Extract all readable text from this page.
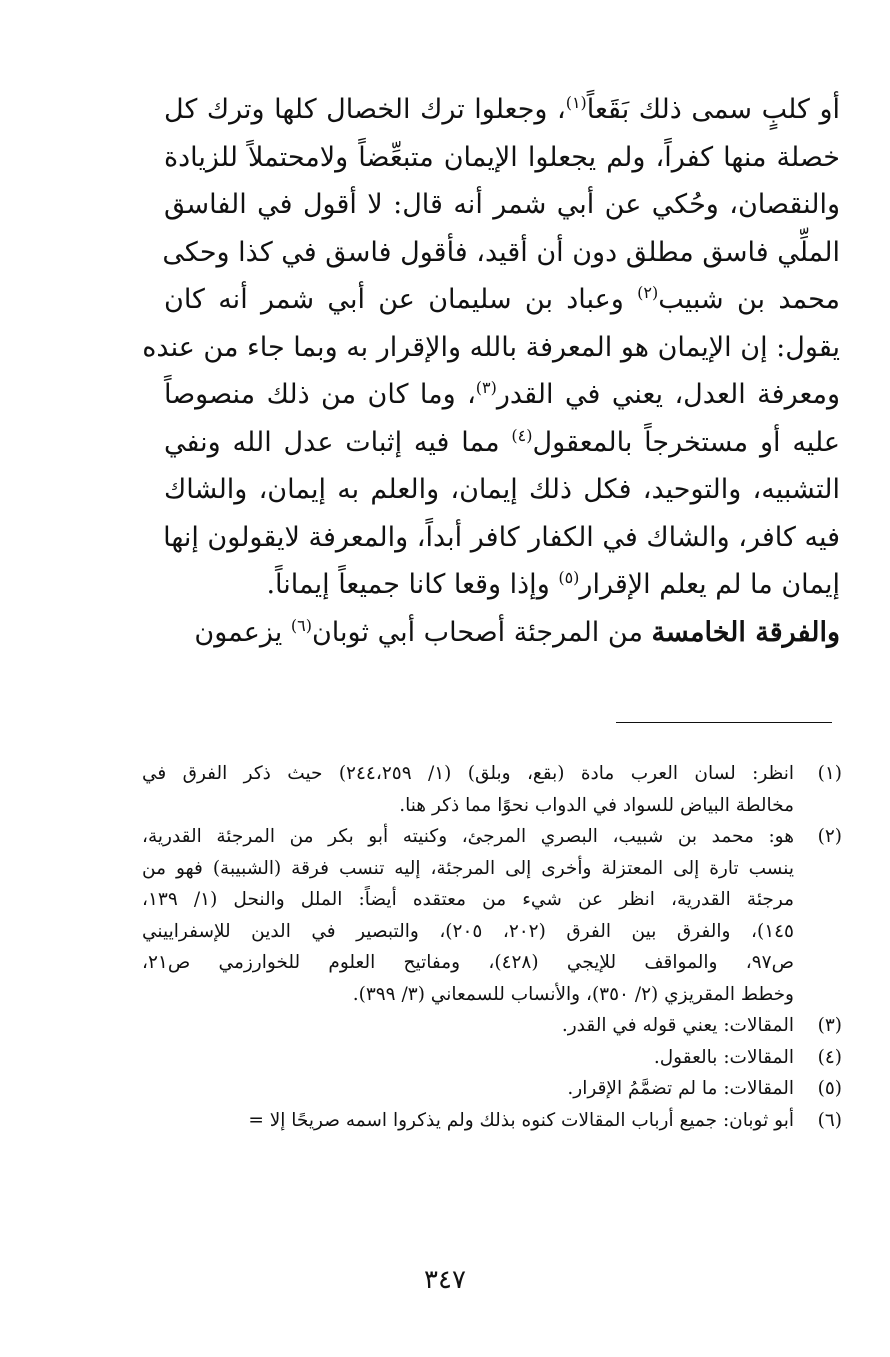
أو كلبٍ سمى ذلك بَقَعاً$^{(١)}$، وجعلوا ترك الخصال كلها وترك كل
خصلة منها كفراً، ولم يجعلوا الإيمان متبعِّضاً ولامحتملاً للزيادة
والنقصان، وحُكي عن أبي شمر أنه قال: لا أقول في الفاسق
الملِّي فاسق مطلق دون أن أقيد، فأقول فاسق في كذا وحكى
محمد بن شبيب$^{(٢)}$ وعباد بن سليمان عن أبي شمر أنه كان
يقول: إن الإيمان هو المعرفة بالله والإقرار به وبما جاء من عنده
ومعرفة العدل، يعني في القدر$^{(٣)}$، وما كان من ذلك منصوصاً
عليه أو مستخرجاً بالمعقول$^{(٤)}$ مما فيه إثبات عدل الله ونفي
التشبيه، والتوحيد، فكل ذلك إيمان، والعلم به إيمان، والشاك
فيه كافر، والشاك في الكفار كافر أبداً، والمعرفة لايقولون إنها
إيمان ما لم يعلم الإقرار$^{(٥)}$ وإذا وقعا كانا جميعاً إيماناً.

والفرقة الخامسة من المرجئة أصحاب أبي ثوبان$^{(٦)}$ يزعمون

(١)
انظر: لسان العرب مادة (بقع، وبلق) (١/ ٢٤٤،٢٥٩) حيث ذكر الفرق في
مخالطة البياض للسواد في الدواب نحوًا مما ذكر هنا.
(٢)
هو: محمد بن شبيب، البصري المرجئ، وكنيته أبو بكر من المرجئة القدرية،
ينسب تارة إلى المعتزلة وأخرى إلى المرجئة، إليه تنسب فرقة (الشبيبة) فهو من
مرجئة القدرية، انظر عن شيء من معتقده أيضاً: الملل والنحل (١/ ١٣٩،
١٤٥)، والفرق بين الفرق (٢٠٢، ٢٠٥)، والتبصير في الدين للإسفراييني
ص٩٧، والمواقف للإيجي (٤٢٨)، ومفاتيح العلوم للخوارزمي ص٢١،
وخطط المقريزي (٢/ ٣٥٠)، والأنساب للسمعاني (٣/ ٣٩٩).
(٣)
المقالات: يعني قوله في القدر.
(٤)
المقالات: بالعقول.
(٥)
المقالات: ما لم تضمَّمُ الإقرار.
(٦)
أبو ثوبان: جميع أرباب المقالات كنوه بذلك ولم يذكروا اسمه صريحًا إلا =
٣٤٧
